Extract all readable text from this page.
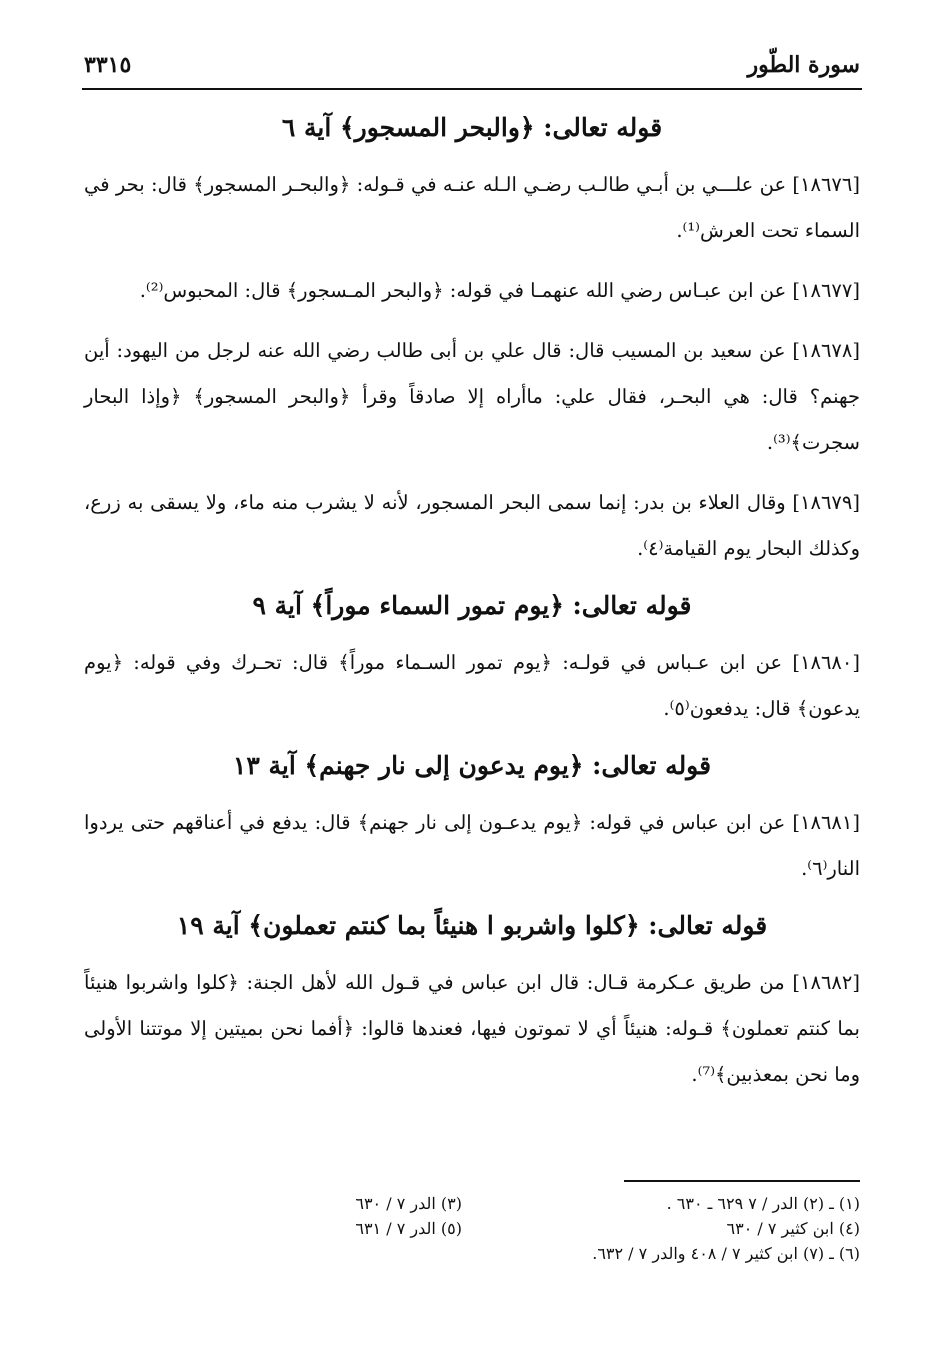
سورة الطّور
٣٣١٥
قوله تعالى: ﴿والبحر المسجور﴾ آية ٦

[١٨٦٧٦] عن علـــي بن أبـي طالـب رضـي الـله عنـه في قـوله: ﴿والبحـر المسجور﴾ قال: بحر في السماء تحت العرش⁽¹⁾.

[١٨٦٧٧] عن ابن عبـاس رضي الله عنهمـا في قوله: ﴿والبحر المـسجور﴾ قال: المحبوس⁽²⁾.

[١٨٦٧٨] عن سعيد بن المسيب قال: قال علي بن أبى طالب رضي الله عنه لرجل من اليهود: أين جهنم؟ قال: هي البحـر، فقال علي: ماأراه إلا صادقاً وقرأ ﴿والبحر المسجور﴾ ﴿وإذا البحار سجرت﴾⁽³⁾.

[١٨٦٧٩] وقال العلاء بن بدر: إنما سمى البحر المسجور، لأنه لا يشرب منه ماء، ولا يسقى به زرع، وكذلك البحار يوم القيامة⁽٤⁾.

قوله تعالى: ﴿يوم تمور السماء موراً﴾ آية ٩

[١٨٦٨٠] عن ابن عـباس في قولـه: ﴿يوم تمور السـماء موراً﴾ قال: تحـرك وفي قوله: ﴿يوم يدعون﴾ قال: يدفعون⁽٥⁾.

قوله تعالى: ﴿يوم يدعون إلى نار جهنم﴾ آية ١٣

[١٨٦٨١] عن ابن عباس في قوله: ﴿يوم يدعـون إلى نار جهنم﴾ قال: يدفع في أعناقهم حتى يردوا النار⁽٦⁾.

قوله تعالى: ﴿كلوا واشربو ا هنيئاً بما كنتم تعملون﴾ آية ١٩

[١٨٦٨٢] من طريق عـكرمة قـال: قال ابن عباس في قـول الله لأهل الجنة: ﴿كلوا واشربوا هنيئاً بما كنتم تعملون﴾ قـوله: هنيئاً أي لا تموتون فيها، فعندها قالوا: ﴿أفما نحن بميتين إلا موتتنا الأولى وما نحن بمعذبين﴾⁽⁷⁾.

(١) ـ (٢) الدر / ٧ ٦٢٩ ـ ٦٣٠ .
(٣) الدر ٧ / ٦٣٠
(٤) ابن كثير ٧ / ٦٣٠
(٥) الدر ٧ / ٦٣١
(٦) ـ (٧) ابن كثير ٧ / ٤٠٨ والدر ٧ / ٦٣٢.
